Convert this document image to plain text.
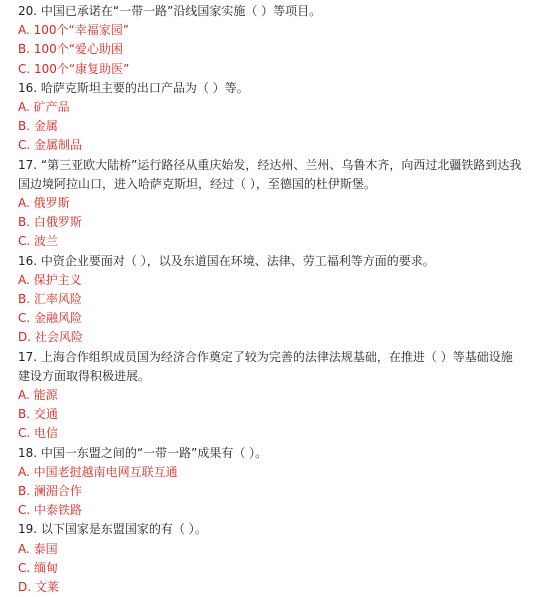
20. 中国已承诺在“一带一路”沿线国家实施（ ）等项目。

A. 100个“幸福家园”

B. 100个“爱心助困

C. 100个“康复助医”

16. 哈萨克斯坦主要的出口产品为（ ）等。

A. 矿产品

B. 金属

C. 金属制品

17. “第三亚欧大陆桥”运行路径从重庆始发，经达州、兰州、乌鲁木齐，向西过北疆铁路到达我国边境阿拉山口，进入哈萨克斯坦，经过（ ），至德国的杜伊斯堡。

A. 俄罗斯

B. 白俄罗斯

C. 波兰

16. 中资企业要面对（ ），以及东道国在环境、法律、劳工福利等方面的要求。

A. 保护主义

B. 汇率风险

C. 金融风险

D. 社会风险

17. 上海合作组织成员国为经济合作奠定了较为完善的法律法规基础，在推进（ ）等基础设施建设方面取得积极进展。

A. 能源

B. 交通

C. 电信

18. 中国一东盟之间的“一带一路”成果有（ ）。

A. 中国老挝越南电网互联互通

B. 澜湄合作

C. 中泰铁路

19. 以下国家是东盟国家的有（ ）。

A. 泰国

C. 缅甸

D. 文莱
